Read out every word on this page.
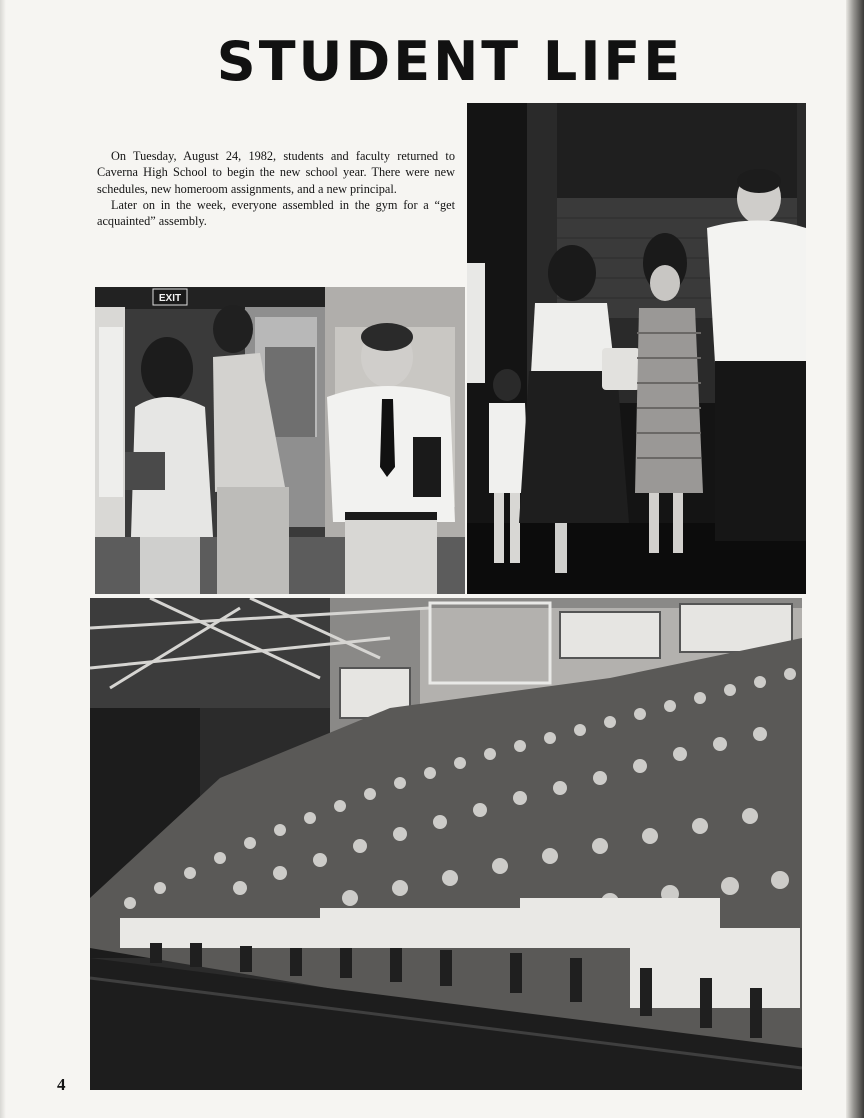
STUDENT LIFE

On Tuesday, August 24, 1982, students and faculty returned to Caverna High School to begin the new school year. There were new schedules, new homeroom assignments, and a new principal.

Later on in the week, everyone assembled in the gym for a “get acquainted” assembly.

EXIT

4
